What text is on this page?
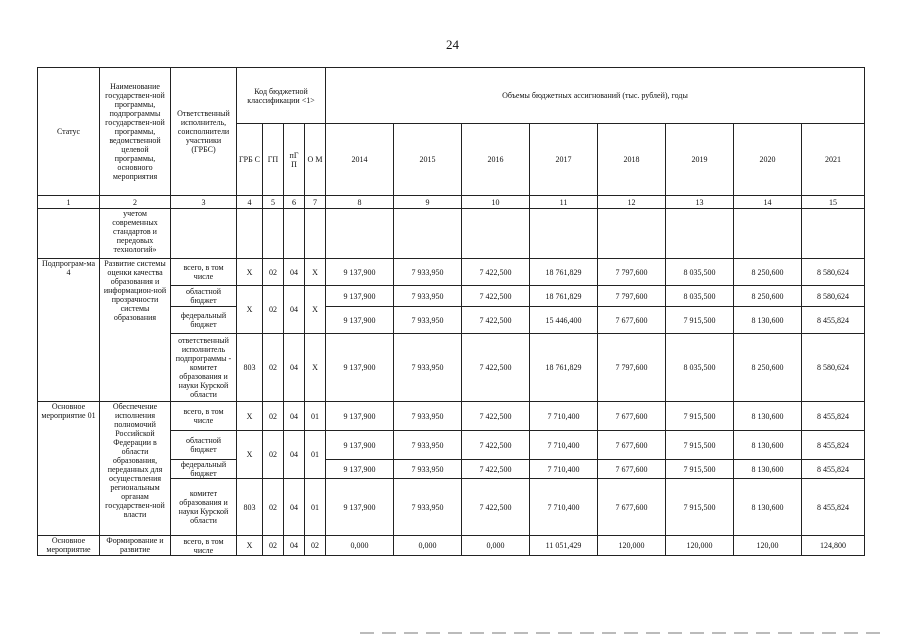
24
Статус	Наименование государствен-ной программы, подпрограммы государствен-ной программы, ведомственной целевой программы, основного мероприятия	Ответственный исполнитель, соисполнители участники (ГРБС)	Код бюджетной классификации <1>				Объемы бюджетных ассигнований (тыс. рублей), годы							
			ГРБ С	ГП	пГ П	О М	2014	2015	2016	2017	2018	2019	2020	2021
1	2	3	4	5	6	7	8	9	10	11	12	13	14	15
	учетом современных стандартов и передовых технологий»													
Подпрограм-ма 4	Развитие системы оценки качества образования и информацион-ной прозрачности системы образования	всего, в том числе	X	02	04	X	9 137,900	7 933,950	7 422,500	18 761,829	7 797,600	8 035,500	8 250,600	8 580,624
		областной бюджет	X	02	04	X	9 137,900	7 933,950	7 422,500	18 761,829	7 797,600	8 035,500	8 250,600	8 580,624
		федеральный бюджет					9 137,900	7 933,950	7 422,500	15 446,400	7 677,600	7 915,500	8 130,600	8 455,824
		ответственный исполнитель подпрограммы - комитет образования и науки Курской области	803	02	04	X	9 137,900	7 933,950	7 422,500	18 761,829	7 797,600	8 035,500	8 250,600	8 580,624
Основное мероприятие 01	Обеспечение исполнения полномочий Российской Федерации в области образования, переданных для осуществления региональным органам государствен-ной власти	всего, в том числе	X	02	04	01	9 137,900	7 933,950	7 422,500	7 710,400	7 677,600	7 915,500	8 130,600	8 455,824
		областной бюджет	X	02	04	01	9 137,900	7 933,950	7 422,500	7 710,400	7 677,600	7 915,500	8 130,600	8 455,824
		федеральный бюджет					9 137,900	7 933,950	7 422,500	7 710,400	7 677,600	7 915,500	8 130,600	8 455,824
		комитет образования и науки Курской области	803	02	04	01	9 137,900	7 933,950	7 422,500	7 710,400	7 677,600	7 915,500	8 130,600	8 455,824
Основное мероприятие	Формирование и развитие	всего, в том числе	X	02	04	02	0,000	0,000	0,000	11 051,429	120,000	120,000	120,00	124,800
